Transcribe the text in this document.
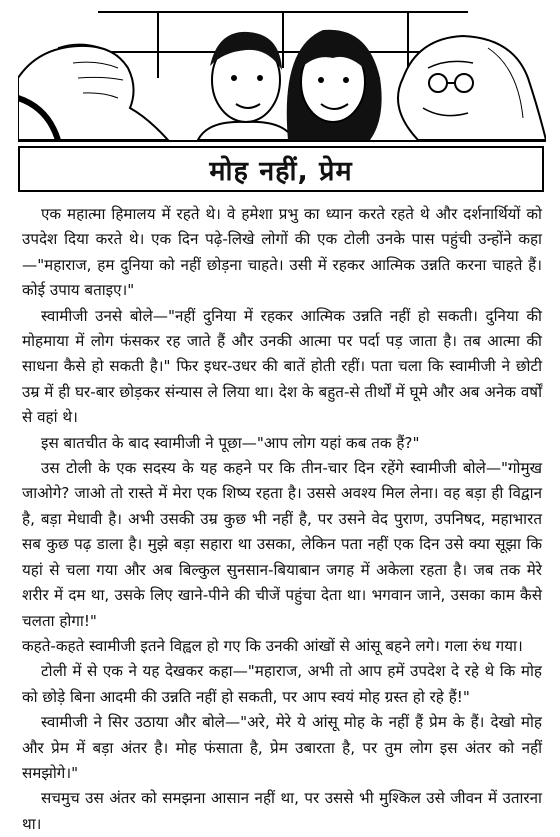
मोह नहीं, प्रेम

एक महात्मा हिमालय में रहते थे। वे हमेशा प्रभु का ध्यान करते रहते थे और दर्शनार्थियों को उपदेश दिया करते थे। एक दिन पढ़े-लिखे लोगों की एक टोली उनके पास पहुंची उन्होंने कहा—"महाराज, हम दुनिया को नहीं छोड़ना चाहते। उसी में रहकर आत्मिक उन्नति करना चाहते हैं। कोई उपाय बताइए।"

स्वामीजी उनसे बोले—"नहीं दुनिया में रहकर आत्मिक उन्नति नहीं हो सकती। दुनिया की मोहमाया में लोग फंसकर रह जाते हैं और उनकी आत्मा पर पर्दा पड़ जाता है। तब आत्मा की साधना कैसे हो सकती है।" फिर इधर-उधर की बातें होती रहीं। पता चला कि स्वामीजी ने छोटी उम्र में ही घर-बार छोड़कर संन्यास ले लिया था। देश के बहुत-से तीर्थों में घूमे और अब अनेक वर्षों से वहां थे।

इस बातचीत के बाद स्वामीजी ने पूछा—"आप लोग यहां कब तक हैं?"

उस टोली के एक सदस्य के यह कहने पर कि तीन-चार दिन रहेंगे स्वामीजी बोले—"गोमुख जाओगे? जाओ तो रास्ते में मेरा एक शिष्य रहता है। उससे अवश्य मिल लेना। वह बड़ा ही विद्वान है, बड़ा मेधावी है। अभी उसकी उम्र कुछ भी नहीं है, पर उसने वेद पुराण, उपनिषद, महाभारत सब कुछ पढ़ डाला है। मुझे बड़ा सहारा था उसका, लेकिन पता नहीं एक दिन उसे क्या सूझा कि यहां से चला गया और अब बिल्कुल सुनसान-बियाबान जगह में अकेला रहता है। जब तक मेरे शरीर में दम था, उसके लिए खाने-पीने की चीजें पहुंचा देता था। भगवान जाने, उसका काम कैसे चलता होगा!"

कहते-कहते स्वामीजी इतने विह्वल हो गए कि उनकी आंखों से आंसू बहने लगे। गला रुंध गया।

टोली में से एक ने यह देखकर कहा—"महाराज, अभी तो आप हमें उपदेश दे रहे थे कि मोह को छोड़े बिना आदमी की उन्नति नहीं हो सकती, पर आप स्वयं मोह ग्रस्त हो रहे हैं!"

स्वामीजी ने सिर उठाया और बोले—"अरे, मेरे ये आंसू मोह के नहीं हैं प्रेम के हैं। देखो मोह और प्रेम में बड़ा अंतर है। मोह फंसाता है, प्रेम उबारता है, पर तुम लोग इस अंतर को नहीं समझोगे।"

सचमुच उस अंतर को समझना आसान नहीं था, पर उससे भी मुश्किल उसे जीवन में उतारना था।
